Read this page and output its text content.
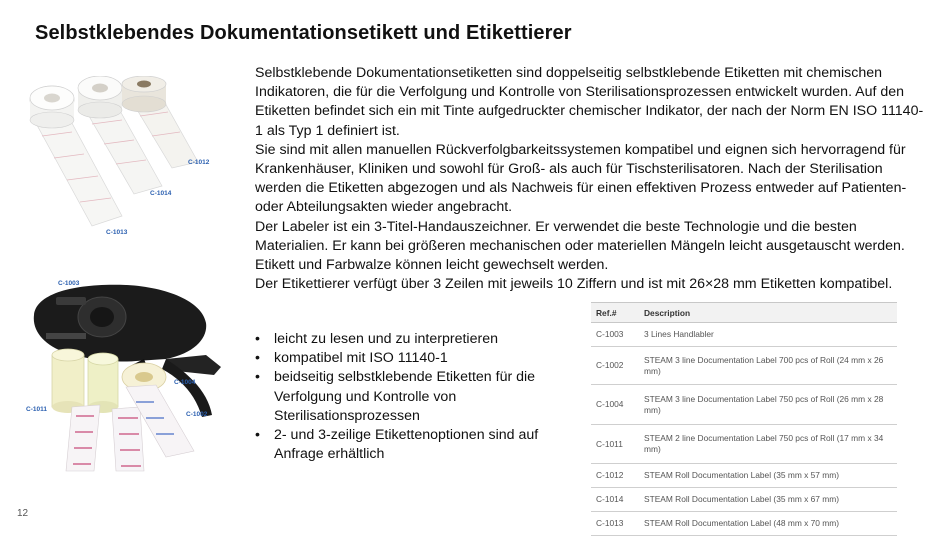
Selbstklebendes Dokumentationsetikett und Etikettierer
C-1012
C-1014
C-1013
C-1003
C-1004
C-1011
C-1002

Selbstklebende Dokumentationsetiketten sind doppelseitig selbstklebende Etiketten mit chemischen Indikatoren, die für die Verfolgung und Kontrolle von Sterilisationsprozessen entwickelt wurden. Auf den Etiketten befindet sich ein mit Tinte aufgedruckter chemischer Indikator, der nach der Norm EN ISO 11140-1 als Typ 1 definiert ist.

Sie sind mit allen manuellen Rückverfolgbarkeitssystemen kompatibel und eignen sich hervorragend für Krankenhäuser, Kliniken und sowohl für Groß- als auch für Tischsterilisatoren. Nach der Sterilisation werden die Etiketten abgezogen und als Nachweis für einen effektiven Prozess entweder auf Patienten- oder Abteilungsakten wieder angebracht.

Der Labeler ist ein 3-Titel-Handauszeichner. Er verwendet die beste Technologie und die besten Materialien. Er kann bei größeren mechanischen oder materiellen Mängeln leicht ausgetauscht werden. Etikett und Farbwalze können leicht gewechselt werden.

Der Etikettierer verfügt über 3 Zeilen mit jeweils 10 Ziffern und ist mit 26×28 mm Etiketten kompatibel.

• leicht zu lesen und zu interpretieren
• kompatibel mit ISO 11140-1
• beidseitig selbstklebende Etiketten für die Verfolgung und Kontrolle von Sterilisationsprozessen
• 2- und 3-zeilige Etikettenoptionen sind auf Anfrage erhältlich
Ref.#	Description
C-1003	3 Lines Handlabler
C-1002	STEAM 3 line Documentation Label 700 pcs of Roll (24 mm x 26 mm)
C-1004	STEAM 3 line Documentation Label 750 pcs of Roll (26 mm x 28 mm)
C-1011	STEAM 2 line Documentation Label 750 pcs of Roll (17 mm x 34 mm)
C-1012	STEAM Roll Documentation Label (35 mm x 57 mm)
C-1014	STEAM Roll Documentation Label (35 mm x 67 mm)
C-1013	STEAM Roll Documentation Label (48 mm x 70 mm)
12
